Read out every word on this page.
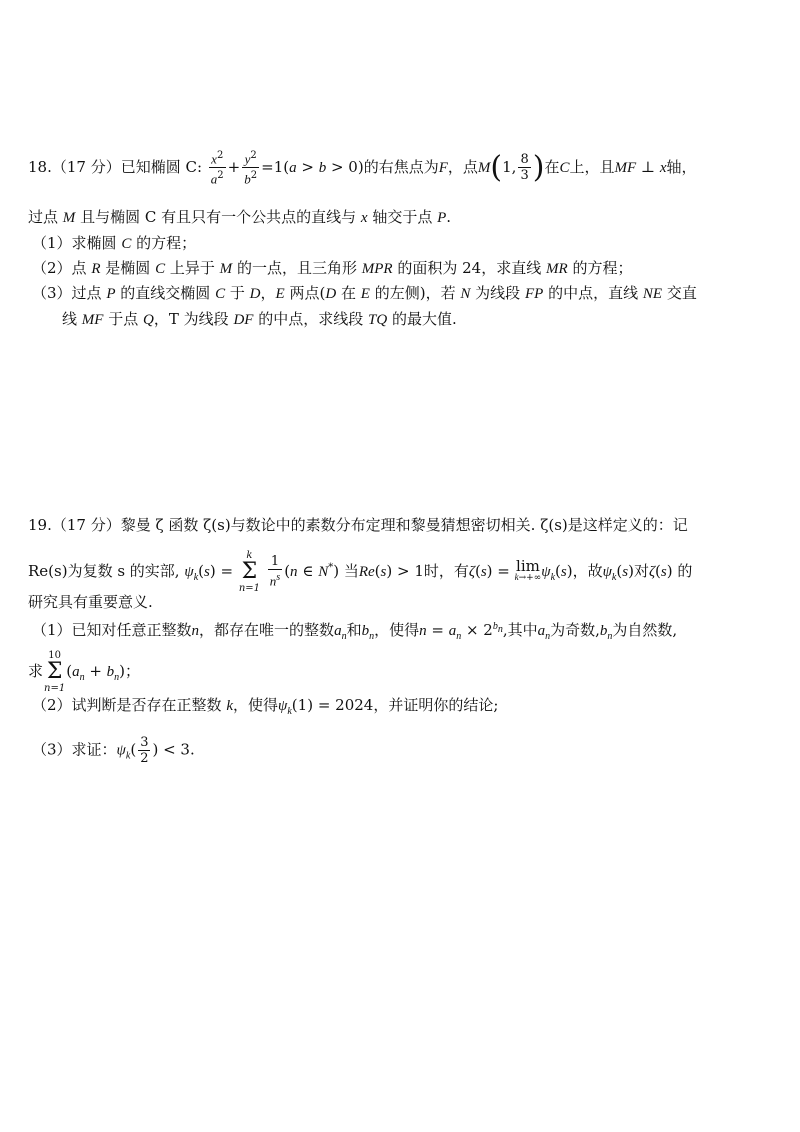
18.（17 分）已知椭圆 C: $\frac{x^2}{a^2} + \frac{y^2}{b^2} =1(a > b > 0)$的右焦点为F，点M(1, $\frac{8}{3}$ )在C上，且MF ⊥ x轴，
过点 M 且与椭圆 C 有且只有一个公共点的直线与 x 轴交于点 P.
（1）求椭圆 C 的方程；
（2）点 R 是椭圆 C 上异于 M 的一点，且三角形 MPR 的面积为 24，求直线 MR 的方程；
（3）过点 P 的直线交椭圆 C 于 D，E 两点(D 在 E 的左侧)，若 N 为线段 FP 的中点，直线 NE 交直
线 MF 于点 Q，T 为线段 DF 的中点，求线段 TQ 的最大值.
19.（17 分）黎曼 ζ 函数 ζ(s)与数论中的素数分布定理和黎曼猜想密切相关. ζ(s)是这样定义的：记
Re(s)为复数 s 的实部, $\psi_k(s)$ =
k
Σ
n=1
$\frac{1}{n^s} (n$ ∈ N*) 当Re(s) > 1时，有ζ(s) = lim
k→+∞ $\psi_k(s)$，故$\psi_k(s)$对ζ(s) 的
研究具有重要意义.
（1）已知对任意正整数n，都存在唯一的整数$a_n$和$b_n$，使得$n = a_n \times 2^{b_n}$,其中$a_n$为奇数$,b_n$为自然数,
求
10
Σ
n=1
$(a_n + b_n)$；
（2）试判断是否存在正整数 k，使得$\psi_k(1) = 2024$，并证明你的结论;
（3）求证：$\psi_k( \frac{3}{2}$ ) < 3.
